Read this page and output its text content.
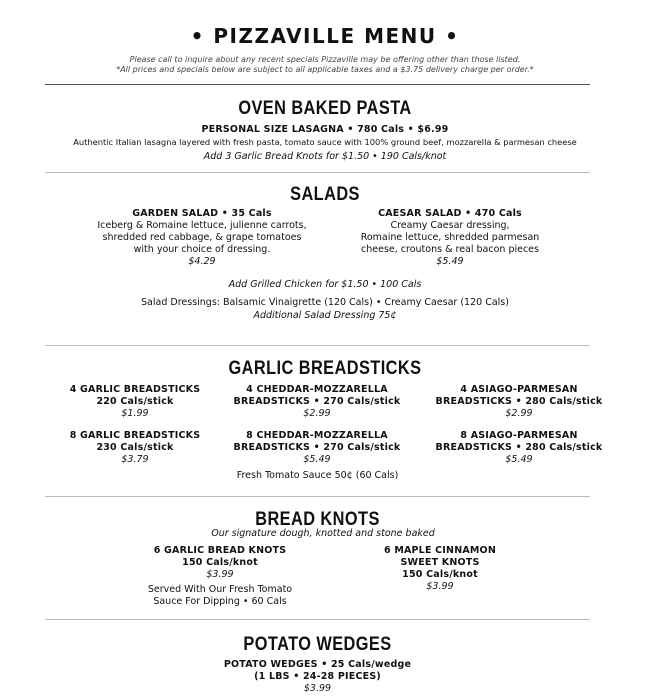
• PIZZAVILLE MENU •
Please call to inquire about any recent specials Pizzaville may be offering other than those listed.
*All prices and specials below are subject to all applicable taxes and a $3.75 delivery charge per order.*
OVEN BAKED PASTA
PERSONAL SIZE LASAGNA • 780 Cals • $6.99
Authentic Italian lasagna layered with fresh pasta, tomato sauce with 100% ground beef, mozzarella & parmesan cheese
Add 3 Garlic Bread Knots for $1.50 • 190 Cals/knot
SALADS
GARDEN SALAD • 35 Cals
Iceberg & Romaine lettuce, julienne carrots,
shredded red cabbage, & grape tomatoes
with your choice of dressing.
$4.29
CAESAR SALAD • 470 Cals
Creamy Caesar dressing,
Romaine lettuce, shredded parmesan
cheese, croutons & real bacon pieces
$5.49
Add Grilled Chicken for $1.50 • 100 Cals
Salad Dressings: Balsamic Vinaigrette (120 Cals) • Creamy Caesar (120 Cals)
Additional Salad Dressing 75¢
GARLIC BREADSTICKS
4 GARLIC BREADSTICKS
220 Cals/stick
$1.99
4 CHEDDAR-MOZZARELLA
BREADSTICKS • 270 Cals/stick
$2.99
4 ASIAGO-PARMESAN
BREADSTICKS • 280 Cals/stick
$2.99
8 GARLIC BREADSTICKS
230 Cals/stick
$3.79
8 CHEDDAR-MOZZARELLA
BREADSTICKS • 270 Cals/stick
$5.49
8 ASIAGO-PARMESAN
BREADSTICKS • 280 Cals/stick
$5.49
Fresh Tomato Sauce 50¢ (60 Cals)
BREAD KNOTS
Our signature dough, knotted and stone baked
6 GARLIC BREAD KNOTS
150 Cals/knot
$3.99
Served With Our Fresh Tomato
Sauce For Dipping • 60 Cals
6 MAPLE CINNAMON
SWEET KNOTS
150 Cals/knot
$3.99
POTATO WEDGES
POTATO WEDGES • 25 Cals/wedge
(1 LBS • 24-28 PIECES)
$3.99
